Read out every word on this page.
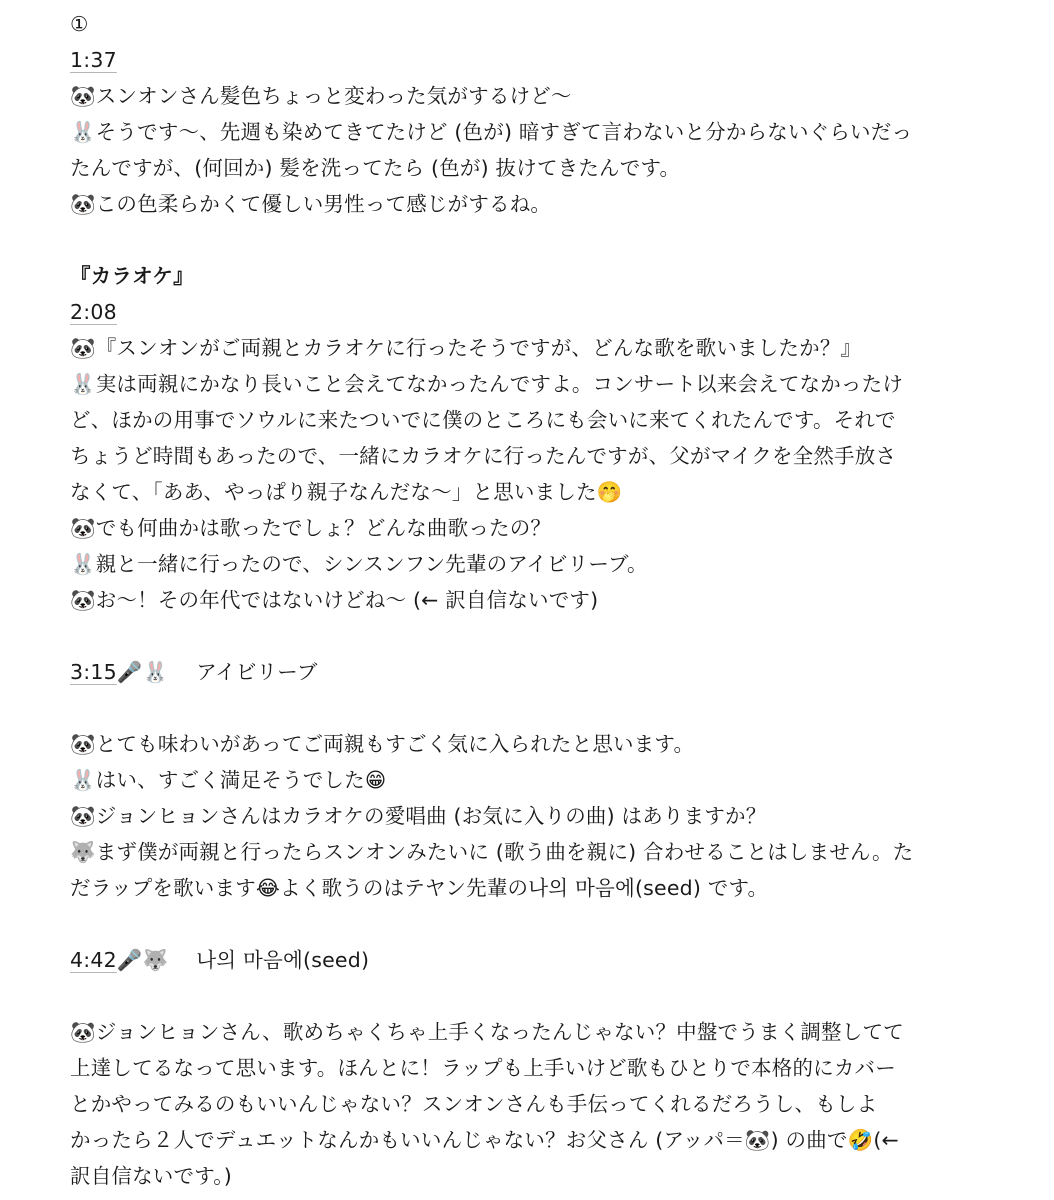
①
1:37
🐼スンオンさん髪色ちょっと変わった気がするけど〜
🐰そうです〜、先週も染めてきてたけど (色が) 暗すぎて言わないと分からないぐらいだっ
たんですが、(何回か) 髪を洗ってたら (色が) 抜けてきたんです。
🐼この色柔らかくて優しい男性って感じがするね。
『カラオケ』
2:08
🐼『スンオンがご両親とカラオケに行ったそうですが、どんな歌を歌いましたか？』
🐰実は両親にかなり長いこと会えてなかったんですよ。コンサート以来会えてなかったけ
ど、ほかの用事でソウルに来たついでに僕のところにも会いに来てくれたんです。それで
ちょうど時間もあったので、一緒にカラオケに行ったんですが、父がマイクを全然手放さ
なくて、「ああ、やっぱり親子なんだな〜」と思いました🤭
🐼でも何曲かは歌ったでしょ？どんな曲歌ったの？
🐰親と一緒に行ったので、シンスンフン先輩のアイビリーブ。
🐼お〜！その年代ではないけどね〜 (← 訳自信ないです)
3:15🎤🐰 アイビリーブ
🐼とても味わいがあってご両親もすごく気に入られたと思います。
🐰はい、すごく満足そうでした😁
🐼ジョンヒョンさんはカラオケの愛唱曲 (お気に入りの曲) はありますか？
🐺まず僕が両親と行ったらスンオンみたいに (歌う曲を親に) 合わせることはしません。た
だラップを歌います😂よく歌うのはテヤン先輩の나의 마음에(seed) です。
4:42🎤🐺 나의 마음에(seed)
🐼ジョンヒョンさん、歌めちゃくちゃ上手くなったんじゃない？中盤でうまく調整してて
上達してるなって思います。ほんとに！ラップも上手いけど歌もひとりで本格的にカバー
とかやってみるのもいいんじゃない？スンオンさんも手伝ってくれるだろうし、もしよ
かったら２人でデュエットなんかもいいんじゃない？お父さん (アッパ＝🐼) の曲で🤣(←
訳自信ないです。)
